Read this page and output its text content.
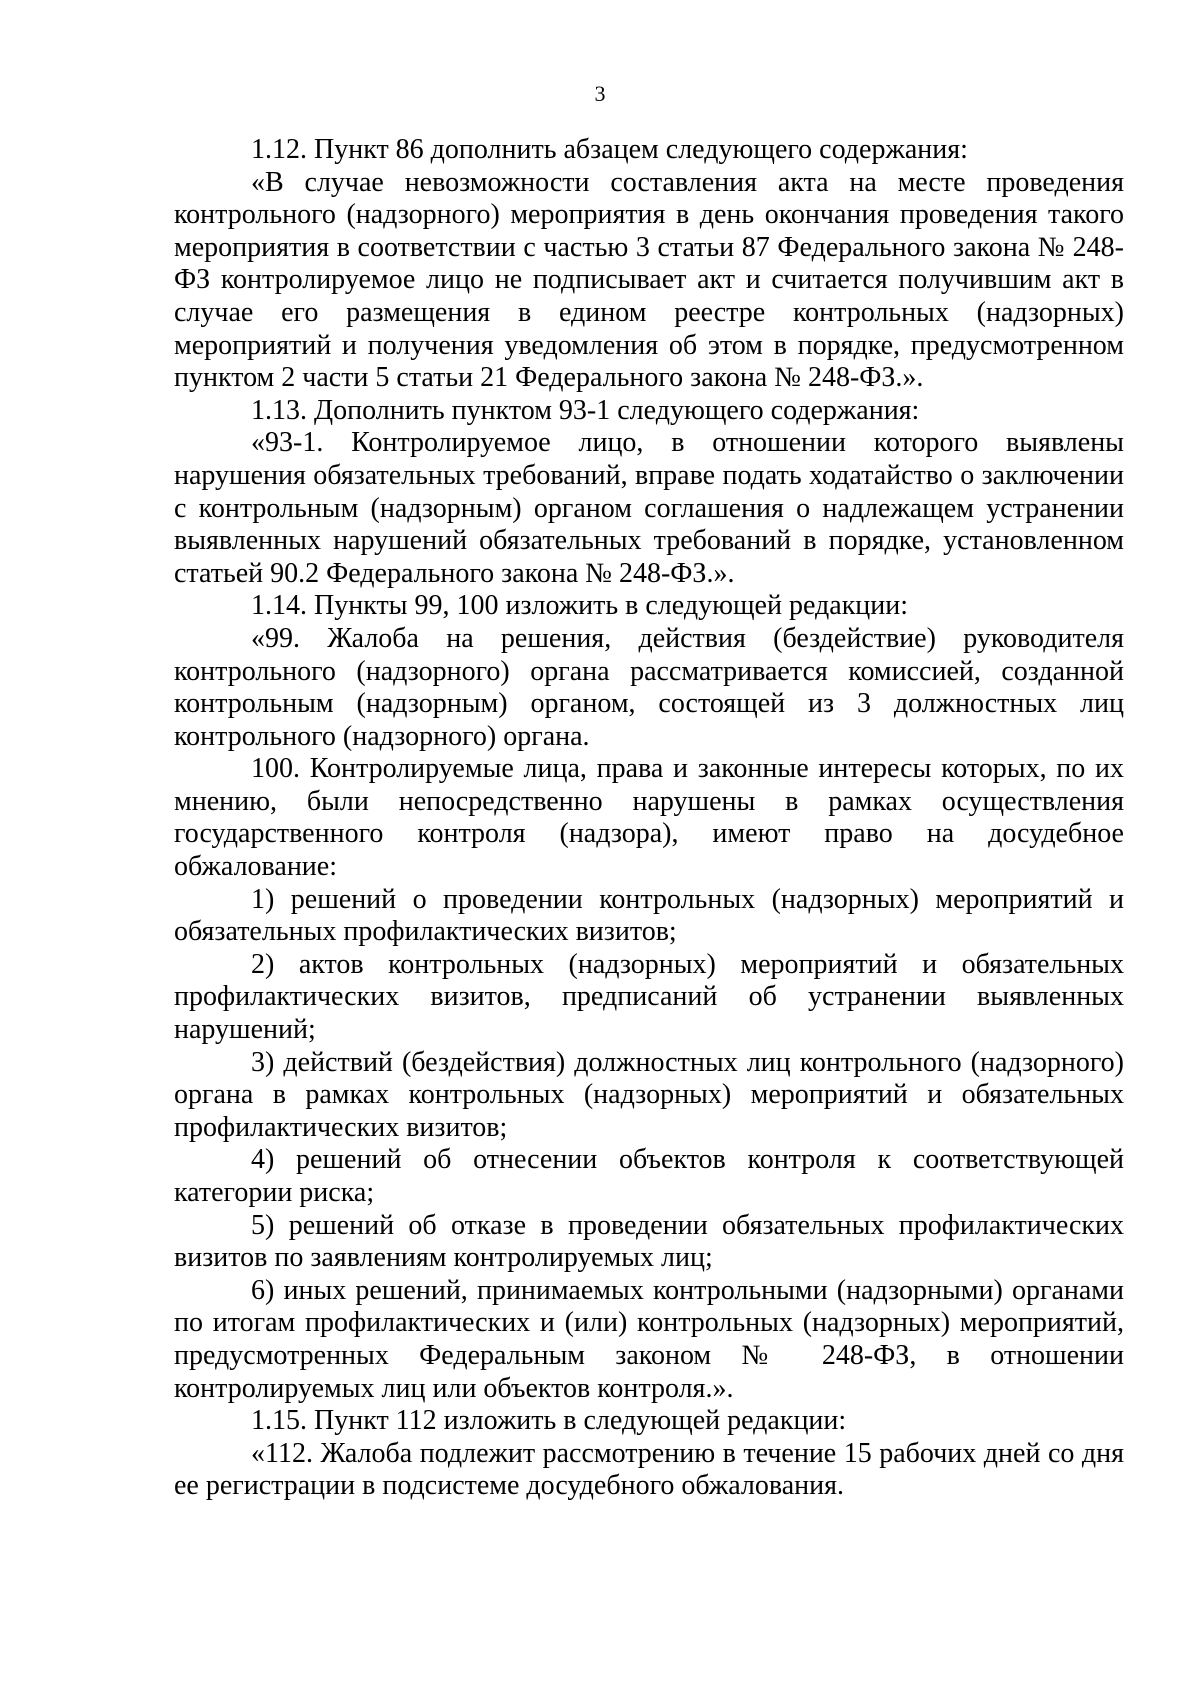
3

1.12. Пункт 86 дополнить абзацем следующего содержания:

«В случае невозможности составления акта на месте проведения контрольного (надзорного) мероприятия в день окончания проведения такого мероприятия в соответствии с частью 3 статьи 87 Федерального закона № 248-ФЗ контролируемое лицо не подписывает акт и считается получившим акт в случае его размещения в едином реестре контрольных (надзорных) мероприятий и получения уведомления об этом в порядке, предусмотренном пунктом 2 части 5 статьи 21 Федерального закона № 248-ФЗ.».

1.13. Дополнить пунктом 93-1 следующего содержания:

«93-1. Контролируемое лицо, в отношении которого выявлены нарушения обязательных требований, вправе подать ходатайство о заключении с контрольным (надзорным) органом соглашения о надлежащем устранении выявленных нарушений обязательных требований в порядке, установленном статьей 90.2 Федерального закона № 248-ФЗ.».

1.14. Пункты 99, 100 изложить в следующей редакции:

«99. Жалоба на решения, действия (бездействие) руководителя контрольного (надзорного) органа рассматривается комиссией, созданной контрольным (надзорным) органом, состоящей из 3 должностных лиц контрольного (надзорного) органа.

100. Контролируемые лица, права и законные интересы которых, по их мнению, были непосредственно нарушены в рамках осуществления государственного контроля (надзора), имеют право на досудебное обжалование:

1) решений о проведении контрольных (надзорных) мероприятий и обязательных профилактических визитов;

2) актов контрольных (надзорных) мероприятий и обязательных профилактических визитов, предписаний об устранении выявленных нарушений;

3) действий (бездействия) должностных лиц контрольного (надзорного) органа в рамках контрольных (надзорных) мероприятий и обязательных профилактических визитов;

4) решений об отнесении объектов контроля к соответствующей категории риска;

5) решений об отказе в проведении обязательных профилактических визитов по заявлениям контролируемых лиц;

6) иных решений, принимаемых контрольными (надзорными) органами по итогам профилактических и (или) контрольных (надзорных) мероприятий, предусмотренных Федеральным законом № 248-ФЗ, в отношении контролируемых лиц или объектов контроля.».

1.15. Пункт 112 изложить в следующей редакции:

«112. Жалоба подлежит рассмотрению в течение 15 рабочих дней со дня ее регистрации в подсистеме досудебного обжалования.
